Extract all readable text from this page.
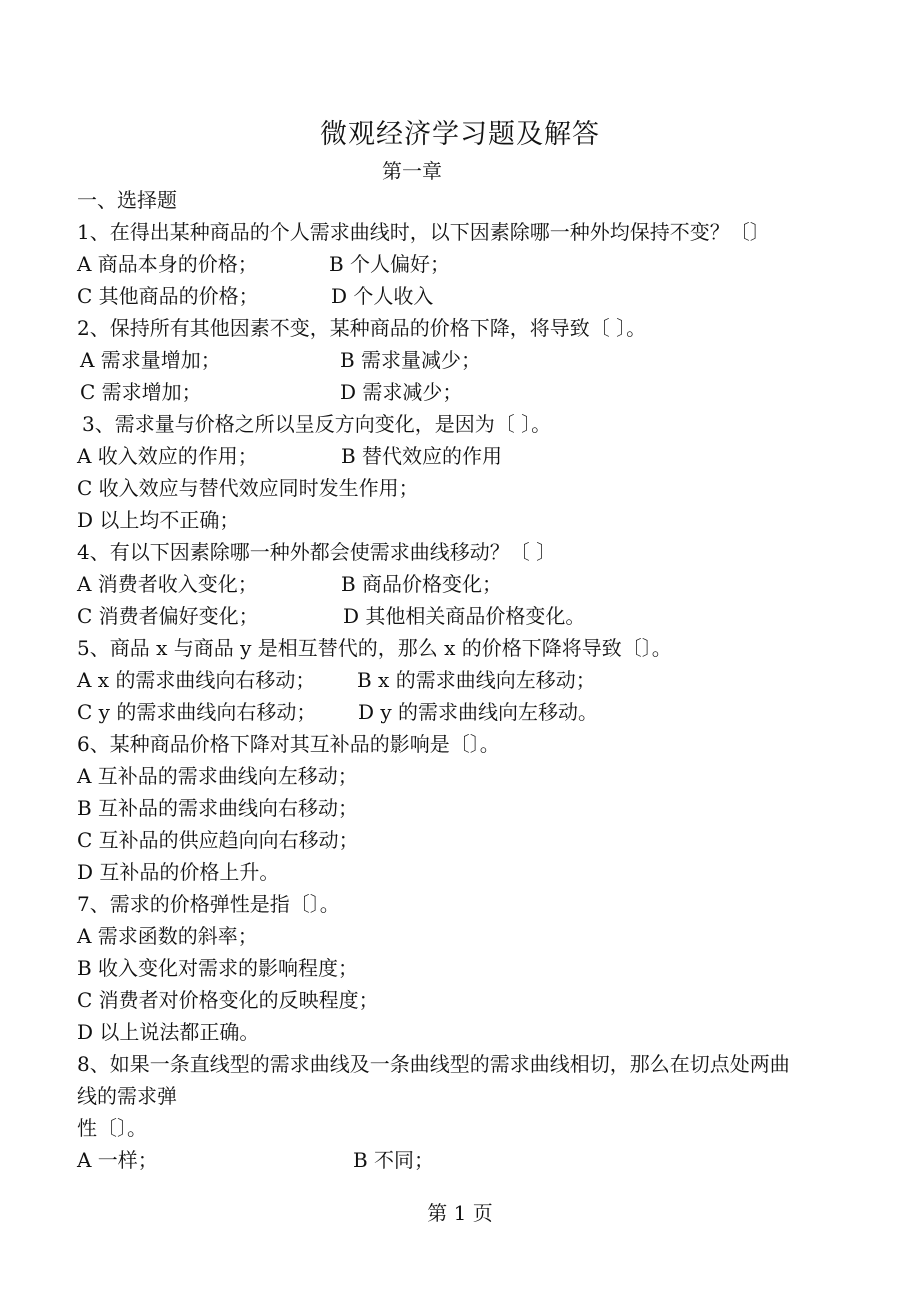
微观经济学习题及解答
第一章
一、选择题
1、在得出某种商品的个人需求曲线时，以下因素除哪一种外均保持不变？〔〕
A 商品本身的价格；	B 个人偏好；
C 其他商品的价格；	D 个人收入
2、保持所有其他因素不变，某种商品的价格下降，将导致〔 〕。
A 需求量增加；	B 需求量减少；
C 需求增加；	D 需求减少；
3、需求量与价格之所以呈反方向变化，是因为〔 〕。
A 收入效应的作用；	B 替代效应的作用
C 收入效应与替代效应同时发生作用；
D 以上均不正确；
4、有以下因素除哪一种外都会使需求曲线移动？〔 〕
A 消费者收入变化；	B 商品价格变化；
C 消费者偏好变化；	D 其他相关商品价格变化。
5、商品 x 与商品 y 是相互替代的，那么 x 的价格下降将导致〔〕。
A x 的需求曲线向右移动； B x 的需求曲线向左移动；
C y 的需求曲线向右移动； D y 的需求曲线向左移动。
6、某种商品价格下降对其互补品的影响是〔〕。
A 互补品的需求曲线向左移动；
B 互补品的需求曲线向右移动；
C 互补品的供应趋向向右移动；
D 互补品的价格上升。
7、需求的价格弹性是指〔〕。
A 需求函数的斜率；
B 收入变化对需求的影响程度；
C 消费者对价格变化的反映程度；
D 以上说法都正确。
8、如果一条直线型的需求曲线及一条曲线型的需求曲线相切，那么在切点处两曲
线的需求弹
性〔〕。
A 一样；	B 不同；
第 1 页
